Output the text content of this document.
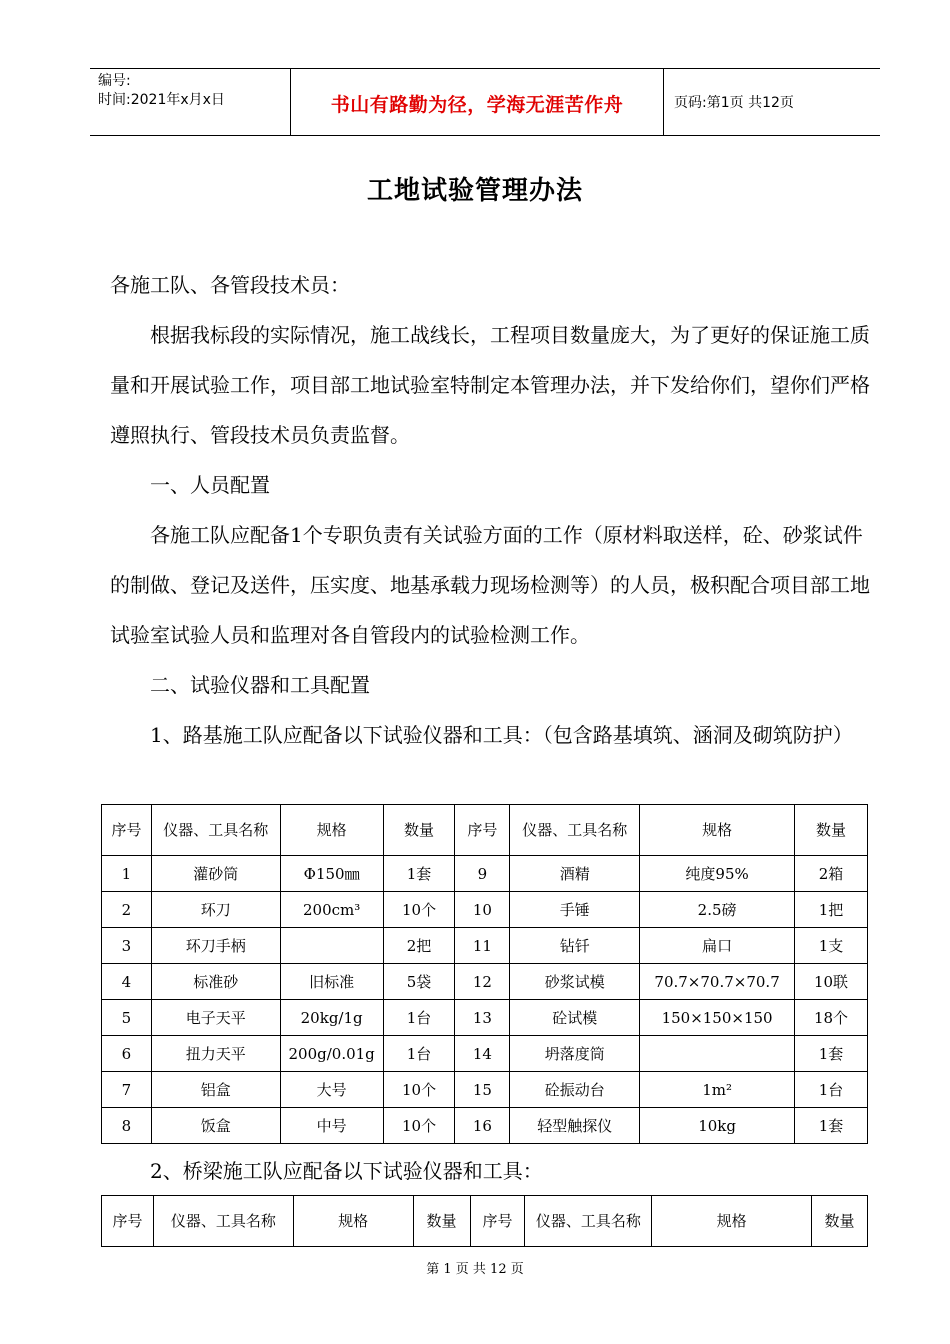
编号:
时间:2021年x月x日	书山有路勤为径，学海无涯苦作舟	页码:第1页 共12页
工地试验管理办法

各施工队、各管段技术员：

根据我标段的实际情况，施工战线长，工程项目数量庞大，为了更好的保证施工质量和开展试验工作，项目部工地试验室特制定本管理办法，并下发给你们，望你们严格遵照执行、管段技术员负责监督。

一、人员配置

各施工队应配备1个专职负责有关试验方面的工作（原材料取送样，砼、砂浆试件的制做、登记及送件，压实度、地基承载力现场检测等）的人员，极积配合项目部工地试验室试验人员和监理对各自管段内的试验检测工作。

二、试验仪器和工具配置

1、路基施工队应配备以下试验仪器和工具：（包含路基填筑、涵洞及砌筑防护）

序号	仪器、工具名称	规格	数量	序号	仪器、工具名称	规格	数量
1	灌砂筒	Φ150㎜	1套	9	酒精	纯度95%	2箱
2	环刀	200cm³	10个	10	手锤	2.5磅	1把
3	环刀手柄		2把	11	钻钎	扁口	1支
4	标准砂	旧标准	5袋	12	砂浆试模	70.7×70.7×70.7	10联
5	电子天平	20kg/1g	1台	13	砼试模	150×150×150	18个
6	扭力天平	200g/0.01g	1台	14	坍落度筒		1套
7	铝盒	大号	10个	15	砼振动台	1m²	1台
8	饭盒	中号	10个	16	轻型触探仪	10kg	1套

2、桥梁施工队应配备以下试验仪器和工具：

序号	仪器、工具名称	规格	数量	序号	仪器、工具名称	规格	数量
第 1 页 共 12 页
